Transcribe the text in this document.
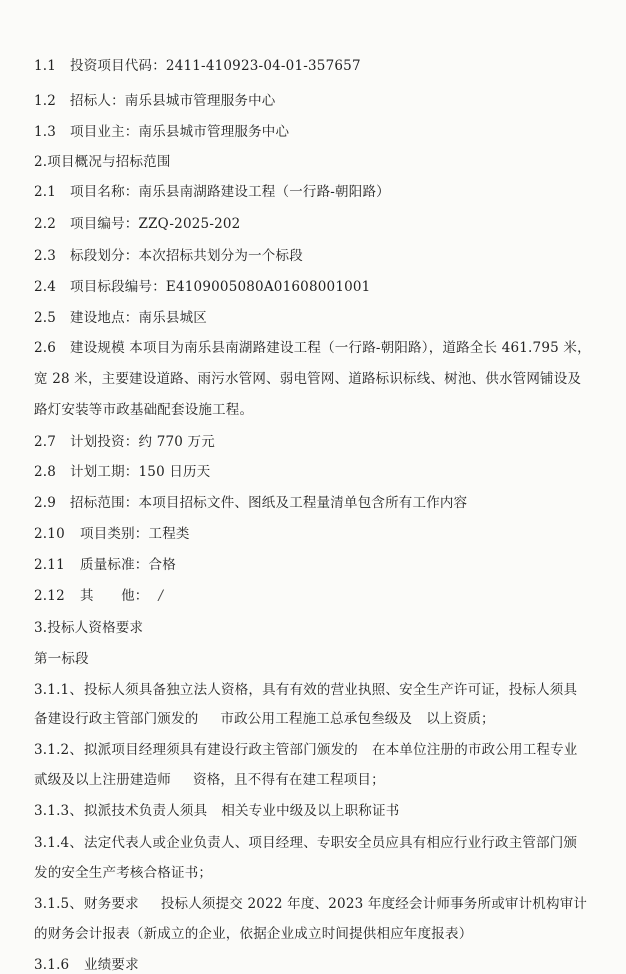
1.1 投资项目代码：2411-410923-04-01-357657
1.2 招标人：南乐县城市管理服务中心
1.3 项目业主：南乐县城市管理服务中心
2.项目概况与招标范围
2.1 项目名称：南乐县南湖路建设工程（一行路-朝阳路）
2.2 项目编号：ZZQ-2025-202
2.3 标段划分：本次招标共划分为一个标段
2.4 项目标段编号：E4109005080A01608001001
2.5 建设地点：南乐县城区
2.6 建设规模 本项目为南乐县南湖路建设工程（一行路-朝阳路），道路全长 461.795 米，
宽 28 米，主要建设道路、雨污水管网、弱电管网、道路标识标线、树池、供水管网铺设及
路灯安装等市政基础配套设施工程。
2.7 计划投资：约 770 万元
2.8 计划工期：150 日历天
2.9 招标范围：本项目招标文件、图纸及工程量清单包含所有工作内容
2.10 项目类别：工程类
2.11 质量标准：合格
2.12 其　　他： /
3.投标人资格要求
第一标段
3.1.1、投标人须具备独立法人资格，具有有效的营业执照、安全生产许可证，投标人须具
备建设行政主管部门颁发的 市政公用工程施工总承包叁级及 以上资质；
3.1.2、拟派项目经理须具有建设行政主管部门颁发的 在本单位注册的市政公用工程专业
贰级及以上注册建造师 资格，且不得有在建工程项目；
3.1.3、拟派技术负责人须具 相关专业中级及以上职称证书
3.1.4、法定代表人或企业负责人、项目经理、专职安全员应具有相应行业行政主管部门颁
发的安全生产考核合格证书；
3.1.5、财务要求 投标人须提交 2022 年度、2023 年度经会计师事务所或审计机构审计
的财务会计报表（新成立的企业，依据企业成立时间提供相应年度报表）
3.1.6 业绩要求
